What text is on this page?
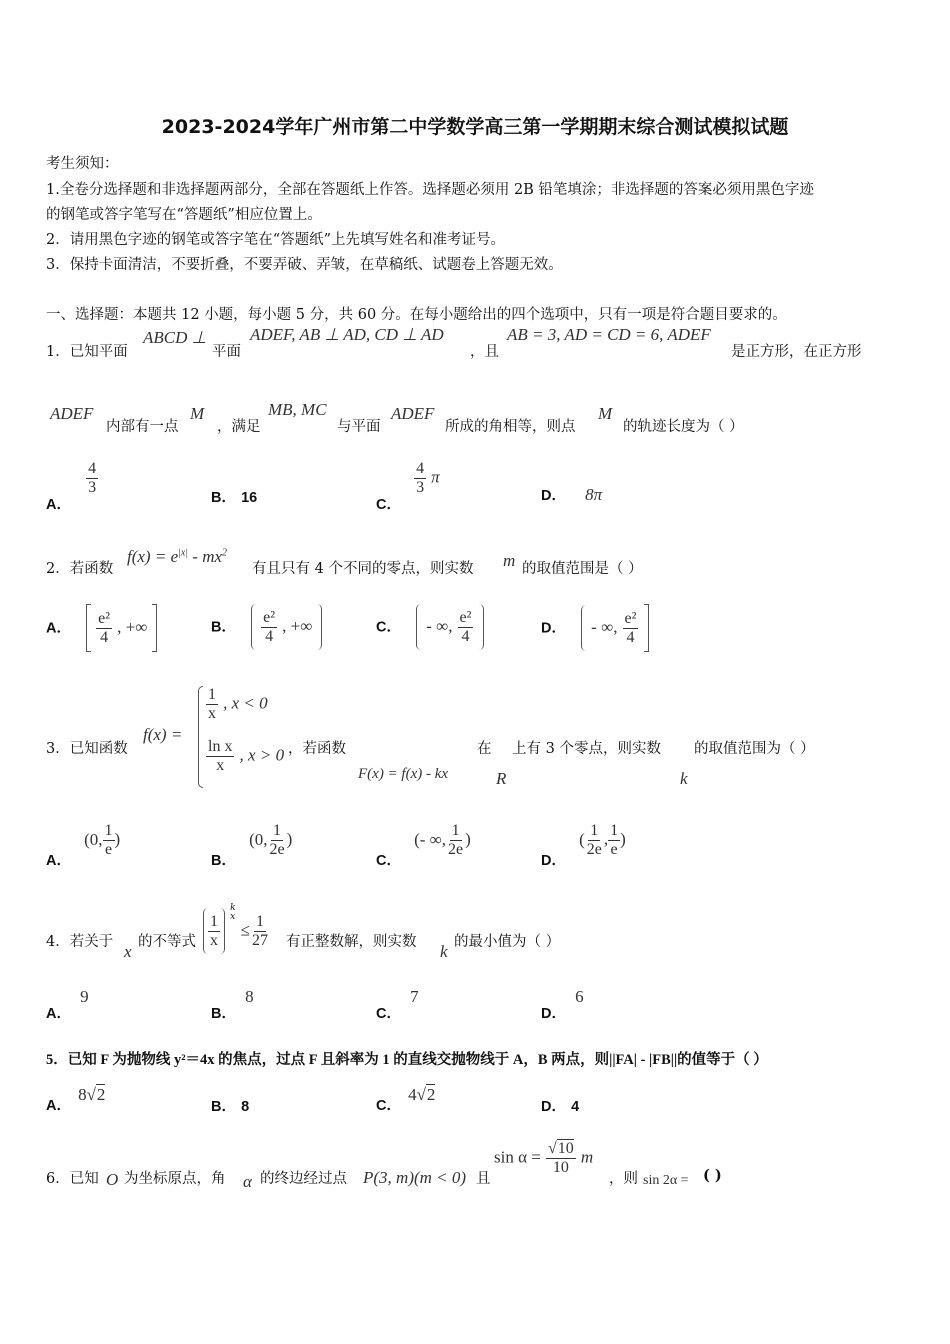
2023-2024学年广州市第二中学数学高三第一学期期末综合测试模拟试题
考生须知：
1.全卷分选择题和非选择题两部分，全部在答题纸上作答。选择题必须用 2B 铅笔填涂；非选择题的答案必须用黑色字迹
的钢笔或答字笔写在“答题纸”相应位置上。
2．请用黑色字迹的钢笔或答字笔在“答题纸”上先填写姓名和准考证号。
3．保持卡面清洁，不要折叠，不要弄破、弄皱，在草稿纸、试题卷上答题无效。
一、选择题：本题共 12 小题，每小题 5 分，共 60 分。在每小题给出的四个选项中，只有一项是符合题目要求的。
1．已知平面
ABCD ⊥
平面
ADEF, AB ⊥ AD, CD ⊥ AD
，且
AB = 3, AD = CD = 6, ADEF
是正方形，在正方形
ADEF
内部有一点
M
，满足
MB, MC
与平面
ADEF
所成的角相等，则点
M
的轨迹长度为（ ）
A．
$\frac{4}{3}$
B． 16	C．
$\frac{4}{3}$ π
D． 8π
2．若函数
$f(x) = e^{|x|} - mx^2$
有且只有 4 个不同的零点，则实数 m 的取值范围是（ ）
A． $\frac{\text{e²}}{4}$ , +∞	B． $\frac{\text{e²}}{4}$ , +∞	C． - ∞, $\frac{\text{e²}}{4}$
	D． - ∞, $\frac{\text{e²}}{4}$

3．已知函数
f(x) =
$\frac{1}{x}$ , x < 0
$\frac{\text{ln x}}{x}$ , x > 0 ，若函数
F(x) = f(x) - kx
在
R
上有 3 个零点，则实数
k
的取值范围为（ ）
A． (0, $\frac{1}{e}$ )
B． (0, $\frac{1}{2e}$ )
C． (- ∞, $\frac{1}{2e}$ )
D． ( $\frac{1}{2e}$ , $\frac{1}{e}$ )
4．若关于 x 的不等式 $\frac{1}{x}$

k
x
≤ $\frac{1}{27}$ 有正整数解，则实数 k 的最小值为（ ）
A． 9
B． 8
C． 7
D． 6
5．已知 F 为抛物线 y²＝4x 的焦点，过点 F 且斜率为 1 的直线交抛物线于 A，B 两点，则||FA| - |FB||的值等于（ ）
A． 8√2
B． 8	C． 4√2
D． 4
6．已知 O 为坐标原点，角 α 的终边经过点 P(3, m)(m < 0) 且
$\sin \alpha = \frac{√10}{10}$ m
，则 sin 2α = ( )
